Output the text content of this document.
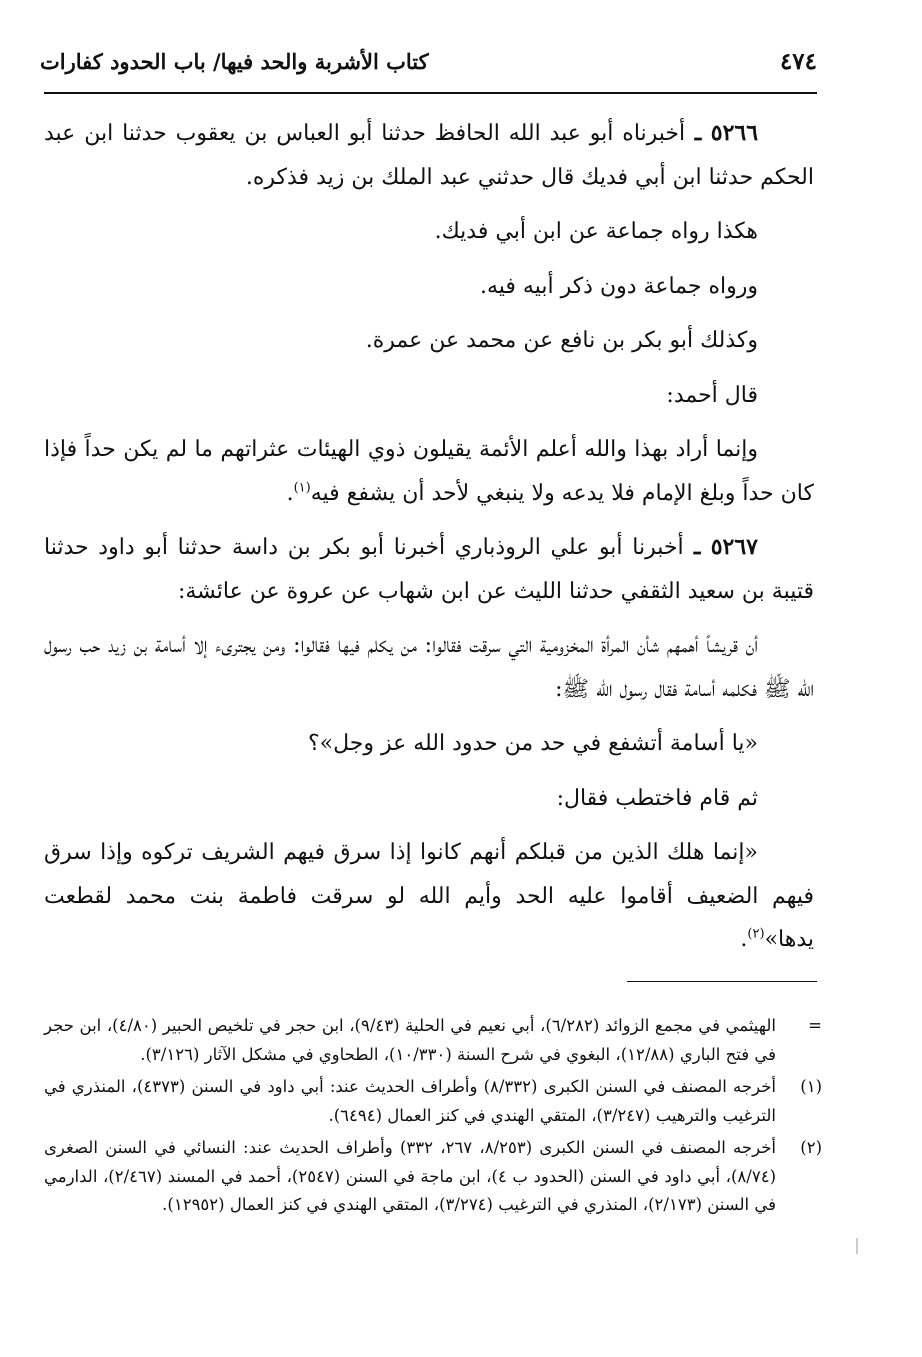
٤٧٤
كتاب الأشربة والحد فيها/ باب الحدود كفارات

٥٢٦٦ ـ أخبرناه أبو عبد الله الحافظ حدثنا أبو العباس بن يعقوب حدثنا ابن عبد الحكم حدثنا ابن أبي فديك قال حدثني عبد الملك بن زيد فذكره.

هكذا رواه جماعة عن ابن أبي فديك.

ورواه جماعة دون ذكر أبيه فيه.

وكذلك أبو بكر بن نافع عن محمد عن عمرة.

قال أحمد:

وإنما أراد بهذا والله أعلم الأئمة يقيلون ذوي الهيئات عثراتهم ما لم يكن حداً فإذا كان حداً وبلغ الإمام فلا يدعه ولا ينبغي لأحد أن يشفع فيه$^{(١)}$.

٥٢٦٧ ـ أخبرنا أبو علي الروذباري أخبرنا أبو بكر بن داسة حدثنا أبو داود حدثنا قتيبة بن سعيد الثقفي حدثنا الليث عن ابن شهاب عن عروة عن عائشة:

أن قريشاً أهمهم شأن المرأة المخزومية التي سرقت فقالوا: من يكلم فيها فقالوا: ومن يجترىء إلا أسامة بن زيد حب رسول الله ﷺ فكلمه أسامة فقال رسول الله ﷺ:

«يا أسامة أتشفع في حد من حدود الله عز وجل»؟

ثم قام فاختطب فقال:

«إنما هلك الذين من قبلكم أنهم كانوا إذا سرق فيهم الشريف تركوه وإذا سرق فيهم الضعيف أقاموا عليه الحد وأيم الله لو سرقت فاطمة بنت محمد لقطعت يدها»$^{(٢)}$.

=
الهيثمي في مجمع الزوائد (٦/٢٨٢)، أبي نعيم في الحلية (٩/٤٣)، ابن حجر في تلخيص الحبير (٤/٨٠)، ابن حجر في فتح الباري (١٢/٨٨)، البغوي في شرح السنة (١٠/٣٣٠)، الطحاوي في مشكل الآثار (٣/١٢٦).
(١)
أخرجه المصنف في السنن الكبرى (٨/٣٣٢) وأطراف الحديث عند: أبي داود في السنن (٤٣٧٣)، المنذري في الترغيب والترهيب (٣/٢٤٧)، المتقي الهندي في كنز العمال (٦٤٩٤).
(٢)
أخرجه المصنف في السنن الكبرى (٨/٢٥٣، ٢٦٧، ٣٣٢) وأطراف الحديث عند: النسائي في السنن الصغرى (٨/٧٤)، أبي داود في السنن (الحدود ب ٤)، ابن ماجة في السنن (٢٥٤٧)، أحمد في المسند (٢/٤٦٧)، الدارمي في السنن (٢/١٧٣)، المنذري في الترغيب (٣/٢٧٤)، المتقي الهندي في كنز العمال (١٢٩٥٢).
